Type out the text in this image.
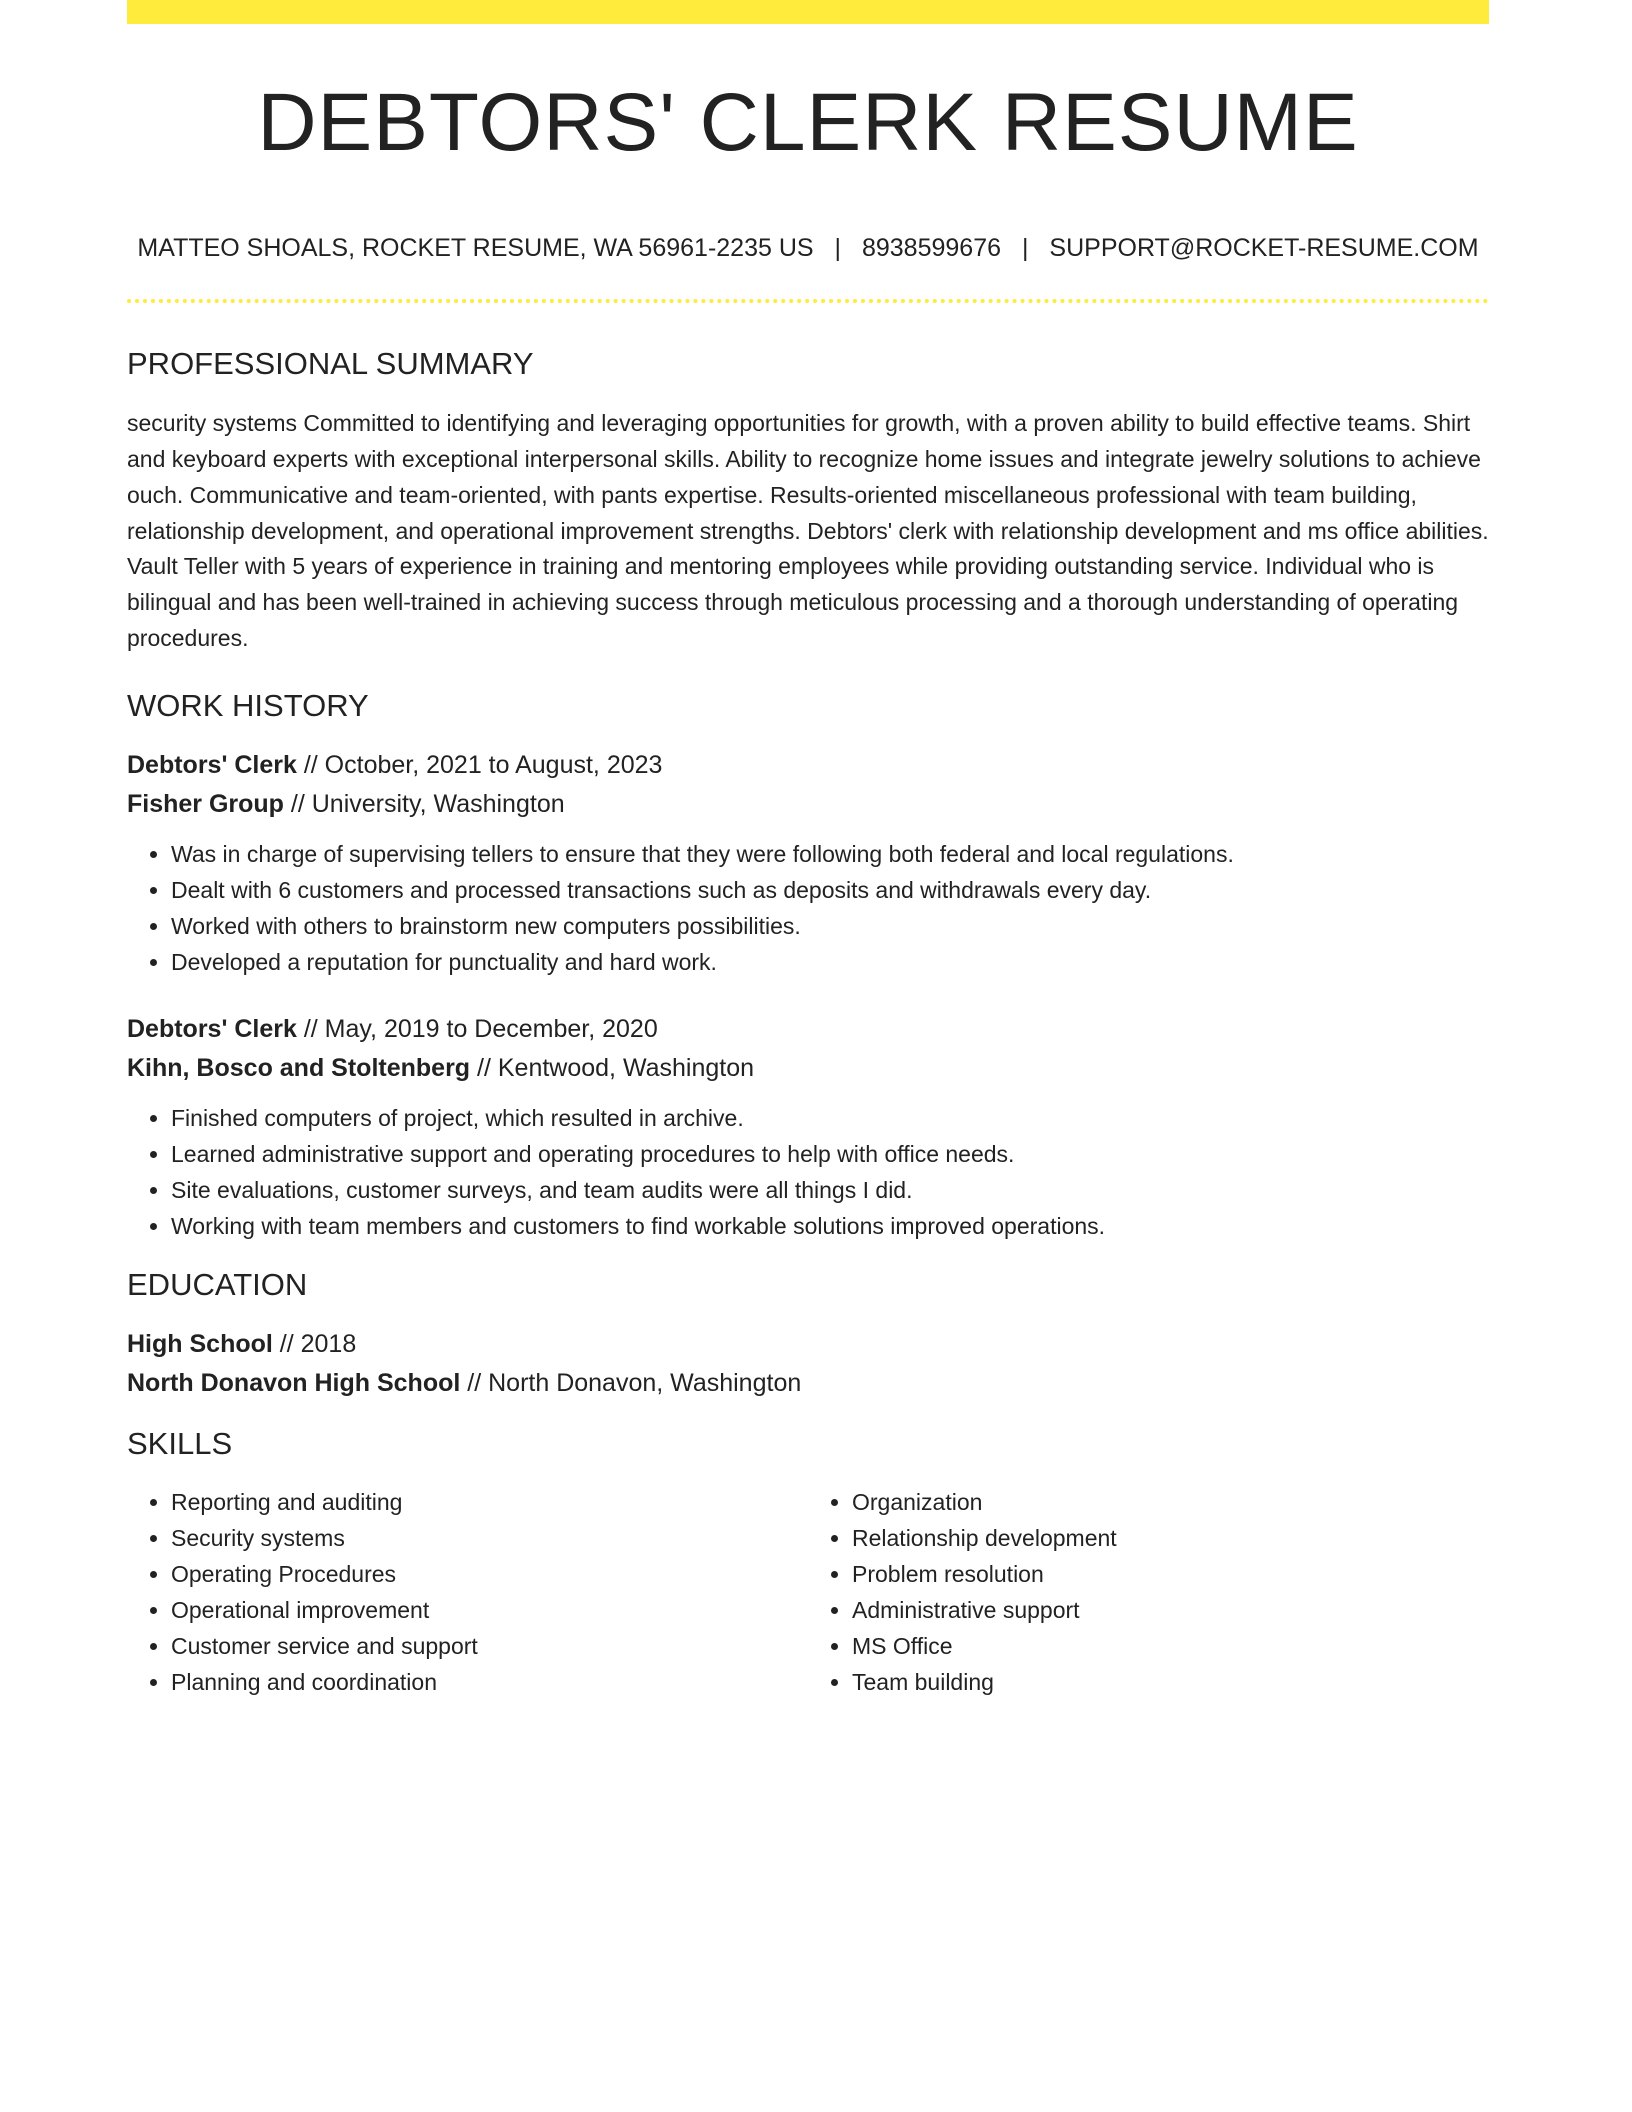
DEBTORS' CLERK RESUME
MATTEO SHOALS, ROCKET RESUME, WA 56961-2235 US | 8938599676 | SUPPORT@ROCKET-RESUME.COM
PROFESSIONAL SUMMARY

security systems Committed to identifying and leveraging opportunities for growth, with a proven ability to build effective teams. Shirt and keyboard experts with exceptional interpersonal skills. Ability to recognize home issues and integrate jewelry solutions to achieve ouch. Communicative and team-oriented, with pants expertise. Results-oriented miscellaneous professional with team building, relationship development, and operational improvement strengths. Debtors' clerk with relationship development and ms office abilities. Vault Teller with 5 years of experience in training and mentoring employees while providing outstanding service. Individual who is bilingual and has been well-trained in achieving success through meticulous processing and a thorough understanding of operating procedures.

WORK HISTORY
Debtors' Clerk // October, 2021 to August, 2023
Fisher Group // University, Washington
• Was in charge of supervising tellers to ensure that they were following both federal and local regulations.
• Dealt with 6 customers and processed transactions such as deposits and withdrawals every day.
• Worked with others to brainstorm new computers possibilities.
• Developed a reputation for punctuality and hard work.
Debtors' Clerk // May, 2019 to December, 2020
Kihn, Bosco and Stoltenberg // Kentwood, Washington
• Finished computers of project, which resulted in archive.
• Learned administrative support and operating procedures to help with office needs.
• Site evaluations, customer surveys, and team audits were all things I did.
• Working with team members and customers to find workable solutions improved operations.
EDUCATION
High School // 2018
North Donavon High School // North Donavon, Washington
SKILLS
• Reporting and auditing
• Security systems
• Operating Procedures
• Operational improvement
• Customer service and support
• Planning and coordination
• Organization
• Relationship development
• Problem resolution
• Administrative support
• MS Office
• Team building
